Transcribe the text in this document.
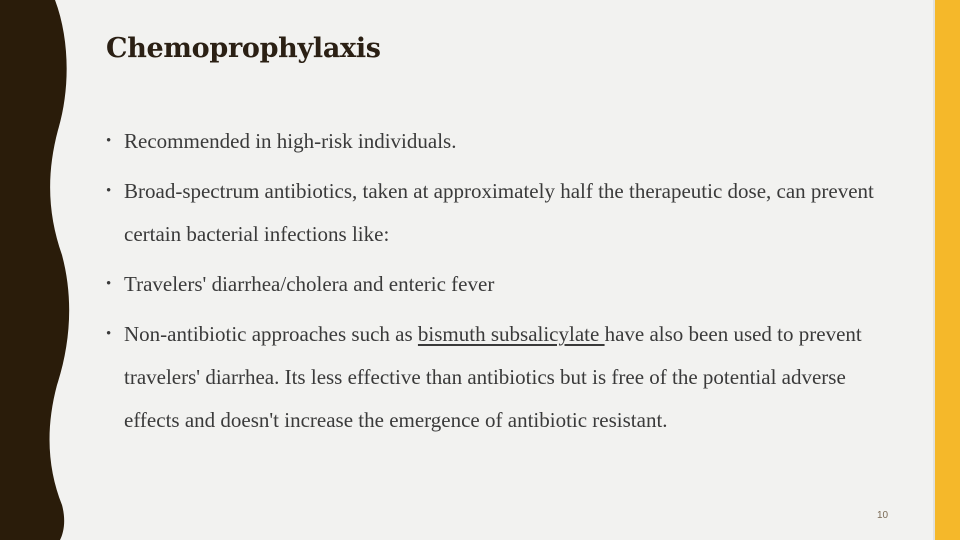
Chemoprophylaxis
• Recommended in high-risk individuals.
• Broad-spectrum antibiotics, taken at approximately half the therapeutic dose, can prevent certain bacterial infections like:
• Travelers' diarrhea/cholera and enteric fever
• Non-antibiotic approaches such as bismuth subsalicylate have also been used to prevent travelers' diarrhea. Its less effective than antibiotics but is free of the potential adverse effects and doesn't increase the emergence of antibiotic resistant.
10
